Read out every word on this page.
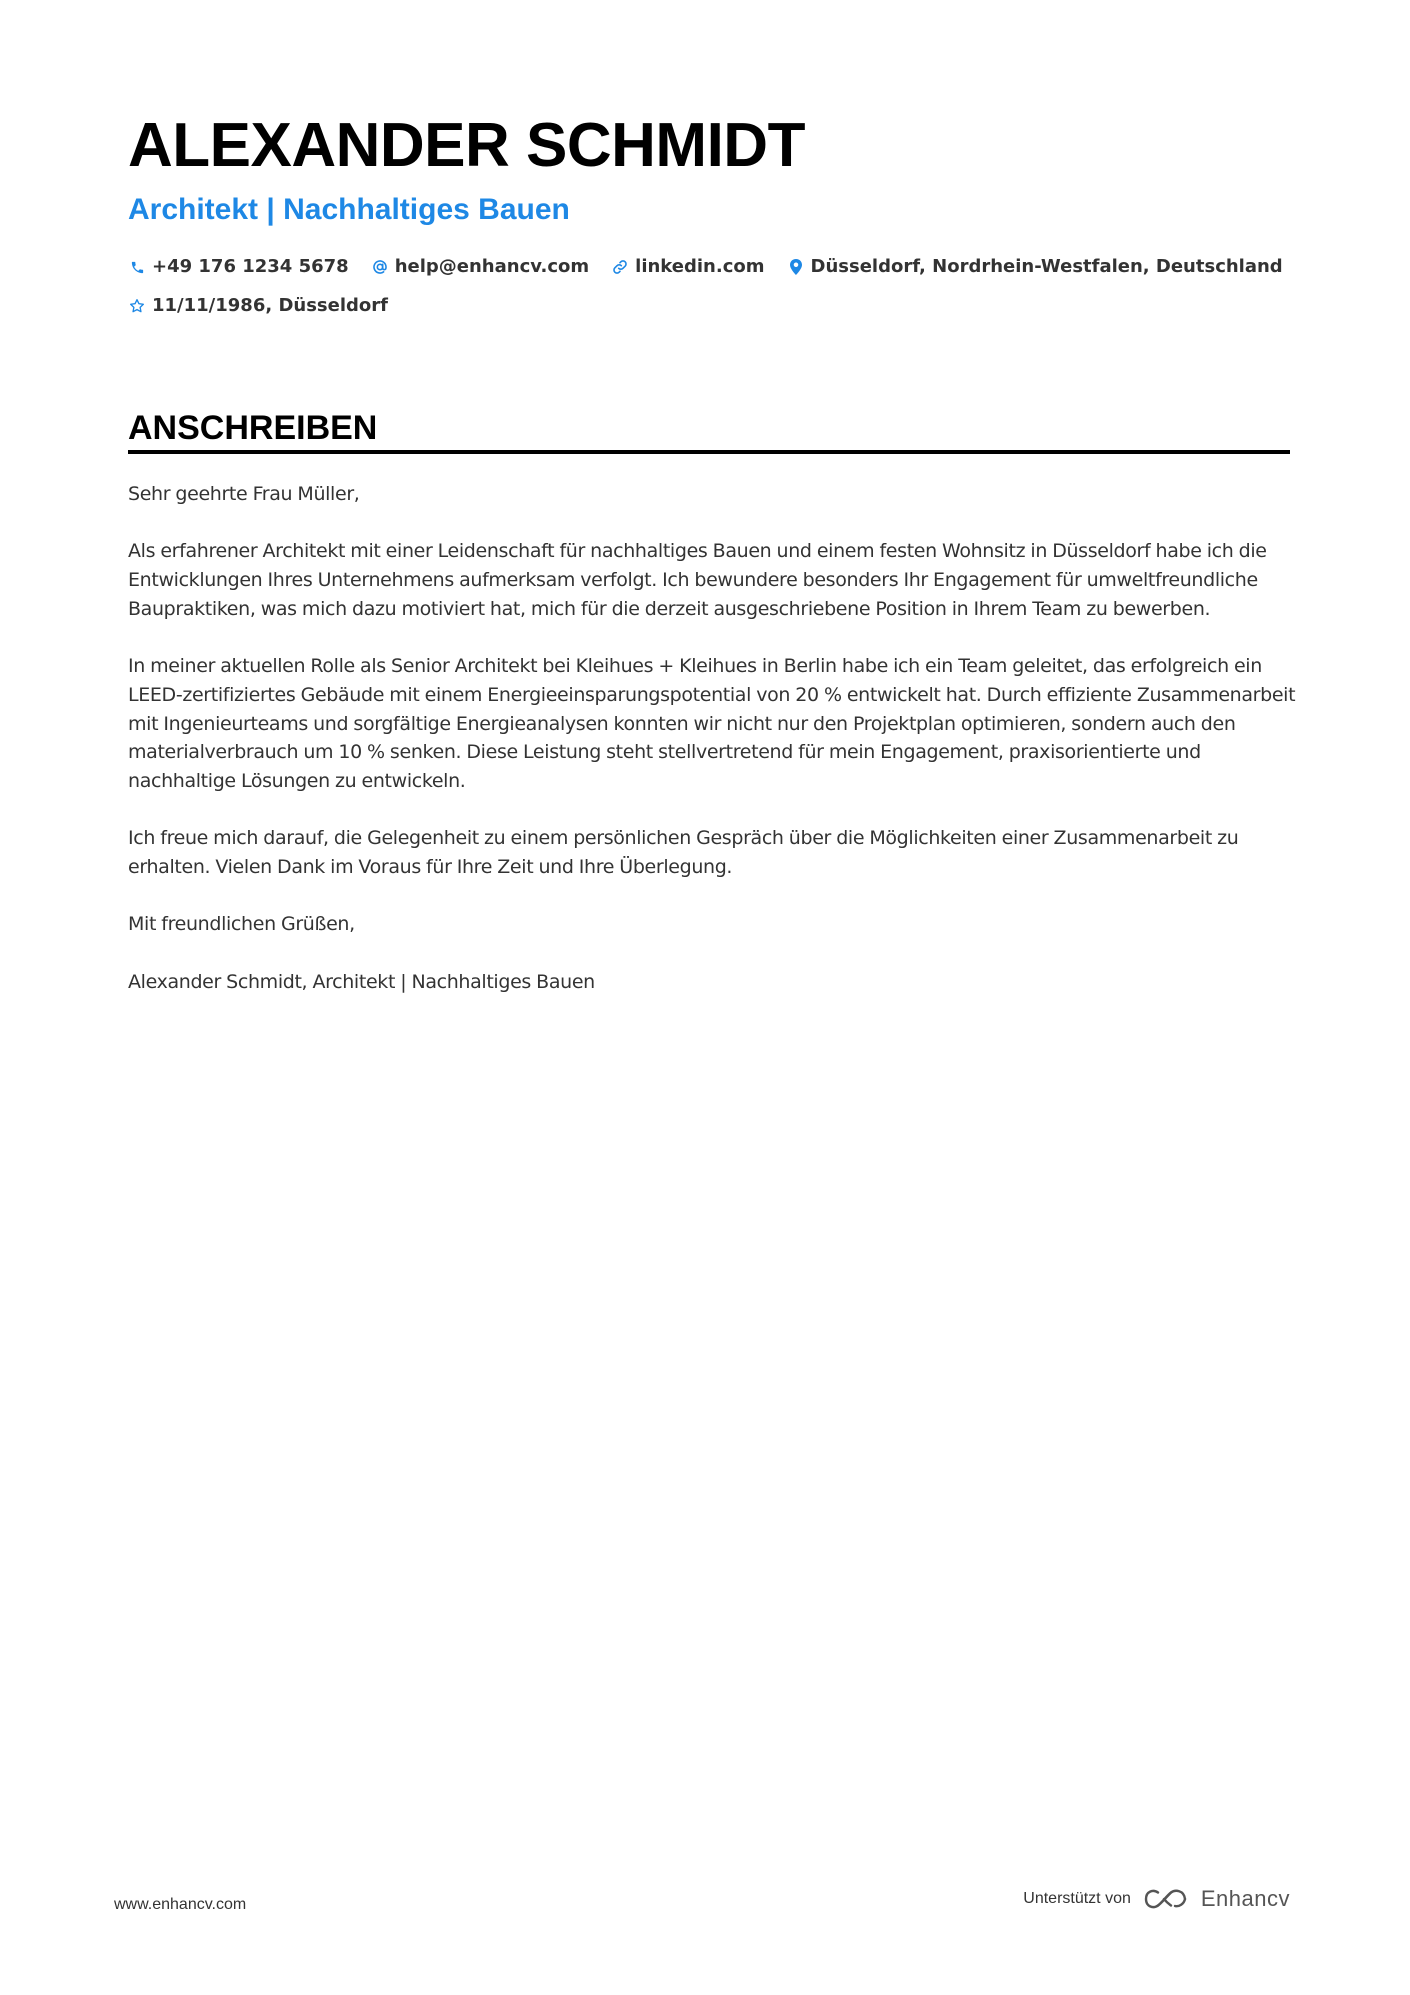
ALEXANDER SCHMIDT
Architekt | Nachhaltiges Bauen
+49 176 1234 5678	help@enhancv.com	linkedin.com	Düsseldorf, Nordrhein-Westfalen, Deutschland
11/11/1986, Düsseldorf
ANSCHREIBEN

Sehr geehrte Frau Müller,

Als erfahrener Architekt mit einer Leidenschaft für nachhaltiges Bauen und einem festen Wohnsitz in Düsseldorf habe ich die Entwicklungen Ihres Unternehmens aufmerksam verfolgt. Ich bewundere besonders Ihr Engagement für umweltfreundliche Baupraktiken, was mich dazu motiviert hat, mich für die derzeit ausgeschriebene Position in Ihrem Team zu bewerben.

In meiner aktuellen Rolle als Senior Architekt bei Kleihues + Kleihues in Berlin habe ich ein Team geleitet, das erfolgreich ein LEED-zertifiziertes Gebäude mit einem Energieeinsparungspotential von 20 % entwickelt hat. Durch effiziente Zusammenarbeit mit Ingenieurteams und sorgfältige Energieanalysen konnten wir nicht nur den Projektplan optimieren, sondern auch den materialverbrauch um 10 % senken. Diese Leistung steht stellvertretend für mein Engagement, praxisorientierte und nachhaltige Lösungen zu entwickeln.

Ich freue mich darauf, die Gelegenheit zu einem persönlichen Gespräch über die Möglichkeiten einer Zusammenarbeit zu erhalten. Vielen Dank im Voraus für Ihre Zeit und Ihre Überlegung.

Mit freundlichen Grüßen,

Alexander Schmidt, Architekt | Nachhaltiges Bauen

www.enhancv.com	Unterstützt von	Enhancv
